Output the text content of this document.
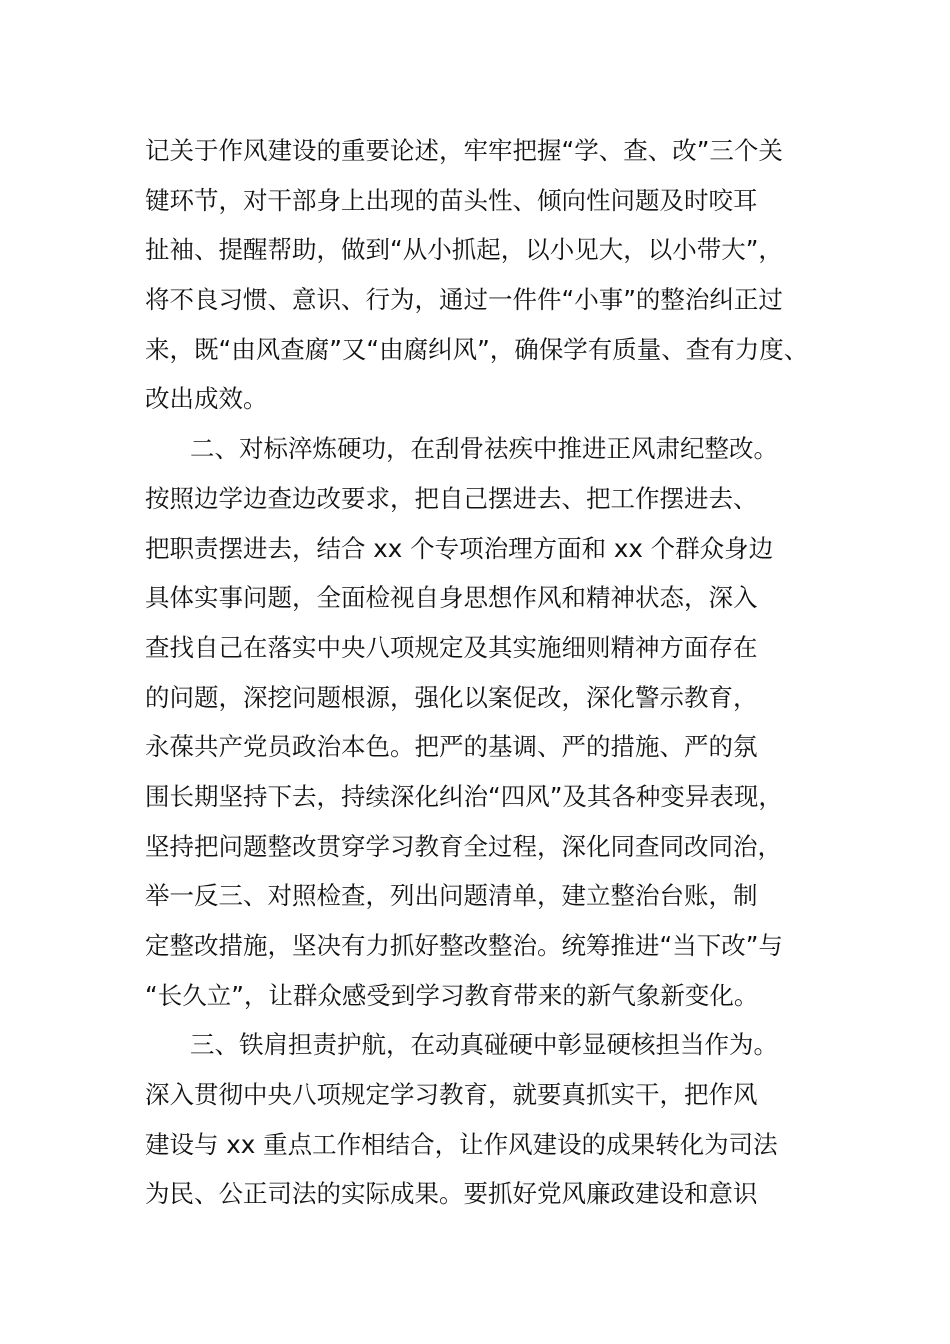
记关于作风建设的重要论述，牢牢把握“学、查、改”三个关
键环节，对干部身上出现的苗头性、倾向性问题及时咬耳
扯袖、提醒帮助，做到“从小抓起，以小见大，以小带大”，
将不良习惯、意识、行为，通过一件件“小事”的整治纠正过
来，既“由风查腐”又“由腐纠风”，确保学有质量、查有力度、
改出成效。
二、对标淬炼硬功，在刮骨祛疾中推进正风肃纪整改。
按照边学边查边改要求，把自己摆进去、把工作摆进去、
把职责摆进去，结合 xx 个专项治理方面和 xx 个群众身边
具体实事问题，全面检视自身思想作风和精神状态，深入
查找自己在落实中央八项规定及其实施细则精神方面存在
的问题，深挖问题根源，强化以案促改，深化警示教育，
永葆共产党员政治本色。把严的基调、严的措施、严的氛
围长期坚持下去，持续深化纠治“四风”及其各种变异表现，
坚持把问题整改贯穿学习教育全过程，深化同查同改同治，
举一反三、对照检查，列出问题清单，建立整治台账，制
定整改措施，坚决有力抓好整改整治。统筹推进“当下改”与
“长久立”，让群众感受到学习教育带来的新气象新变化。
三、铁肩担责护航，在动真碰硬中彰显硬核担当作为。
深入贯彻中央八项规定学习教育，就要真抓实干，把作风
建设与 xx 重点工作相结合，让作风建设的成果转化为司法
为民、公正司法的实际成果。要抓好党风廉政建设和意识
